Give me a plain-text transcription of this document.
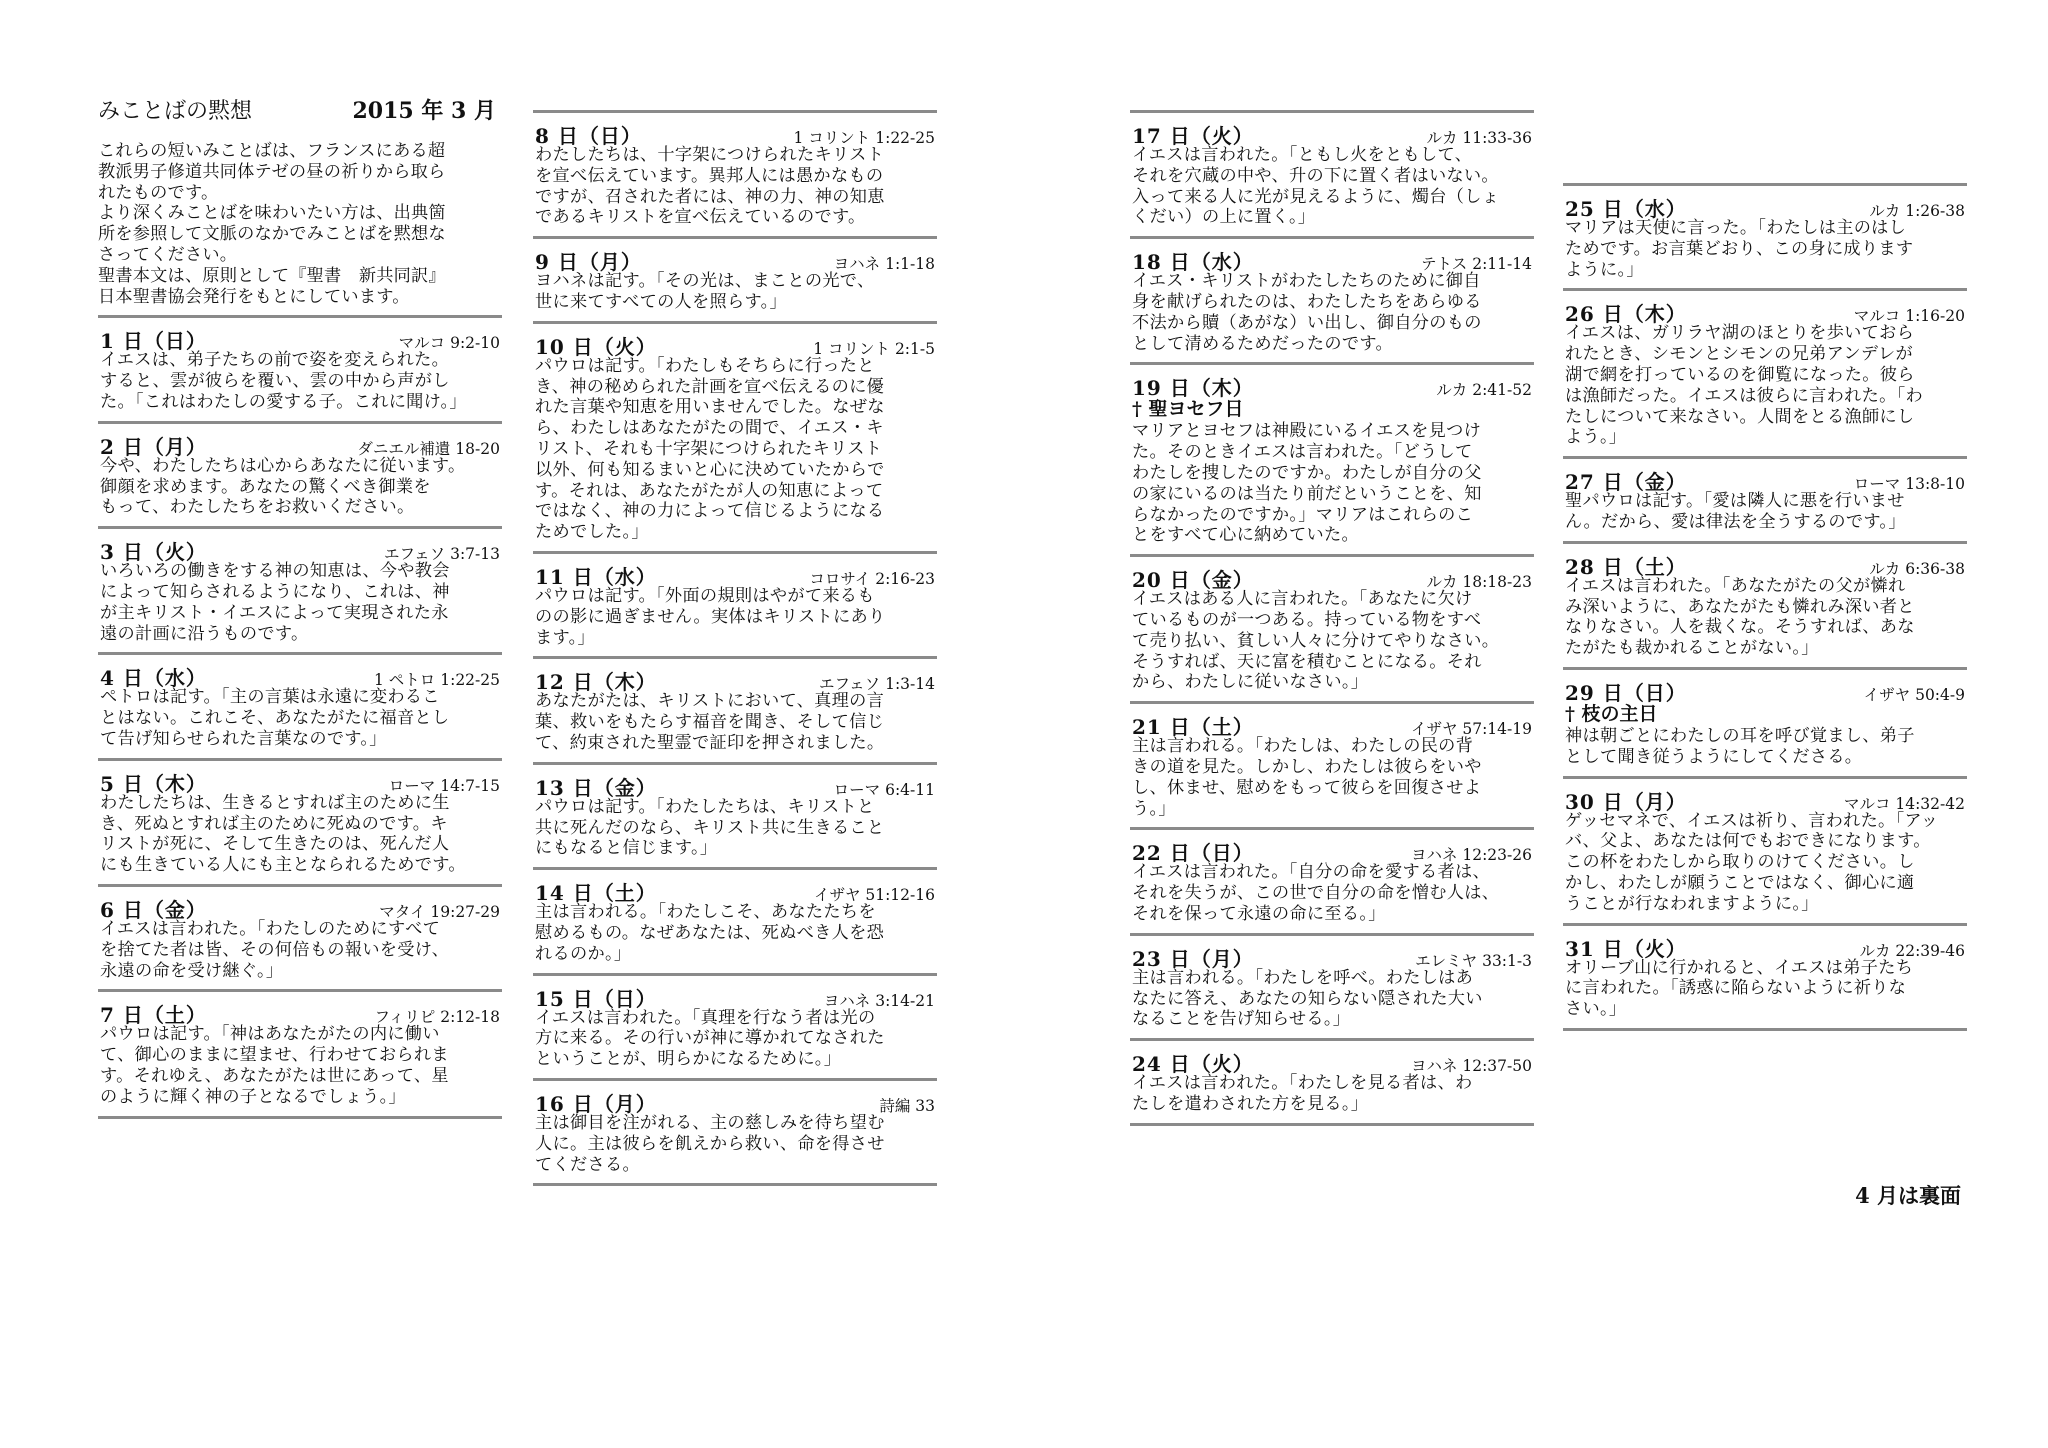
みことばの黙想	2015 年 3 月
これらの短いみことばは、フランスにある超
教派男子修道共同体テゼの昼の祈りから取ら
れたものです。
より深くみことばを味わいたい方は、出典箇
所を参照して文脈のなかでみことばを黙想な
さってください。
聖書本文は、原則として『聖書　新共同訳』
日本聖書協会発行をもとにしています。
1 日（日）	マルコ 9:2-10
イエスは、弟子たちの前で姿を変えられた。
すると、雲が彼らを覆い、雲の中から声がし
た。「これはわたしの愛する子。これに聞け。」
2 日（月）	ダニエル補遺 18-20
今や、わたしたちは心からあなたに従います。
御顔を求めます。あなたの驚くべき御業を
もって、わたしたちをお救いください。
3 日（火）	エフェソ 3:7-13
いろいろの働きをする神の知恵は、今や教会
によって知らされるようになり、これは、神
が主キリスト・イエスによって実現された永
遠の計画に沿うものです。
4 日（水）	1 ペトロ 1:22-25
ペトロは記す。「主の言葉は永遠に変わるこ
とはない。これこそ、あなたがたに福音とし
て告げ知らせられた言葉なのです。」
5 日（木）	ローマ 14:7-15
わたしたちは、生きるとすれば主のために生
き、死ぬとすれば主のために死ぬのです。キ
リストが死に、そして生きたのは、死んだ人
にも生きている人にも主となられるためです。
6 日（金）	マタイ 19:27-29
イエスは言われた。「わたしのためにすべて
を捨てた者は皆、その何倍もの報いを受け、
永遠の命を受け継ぐ。」
7 日（土）	フィリピ 2:12-18
パウロは記す。「神はあなたがたの内に働い
て、御心のままに望ませ、行わせておられま
す。それゆえ、あなたがたは世にあって、星
のように輝く神の子となるでしょう。」
8 日（日）	1 コリント 1:22-25
わたしたちは、十字架につけられたキリスト
を宣べ伝えています。異邦人には愚かなもの
ですが、召された者には、神の力、神の知恵
であるキリストを宣べ伝えているのです。
9 日（月）	ヨハネ 1:1-18
ヨハネは記す。「その光は、まことの光で、
世に来てすべての人を照らす。」
10 日（火）	1 コリント 2:1-5
パウロは記す。「わたしもそちらに行ったと
き、神の秘められた計画を宣べ伝えるのに優
れた言葉や知恵を用いませんでした。なぜな
ら、わたしはあなたがたの間で、イエス・キ
リスト、それも十字架につけられたキリスト
以外、何も知るまいと心に決めていたからで
す。それは、あなたがたが人の知恵によって
ではなく、神の力によって信じるようになる
ためでした。」
11 日（水）	コロサイ 2:16-23
パウロは記す。「外面の規則はやがて来るも
のの影に過ぎません。実体はキリストにあり
ます。」
12 日（木）	エフェソ 1:3-14
あなたがたは、キリストにおいて、真理の言
葉、救いをもたらす福音を聞き、そして信じ
て、約束された聖霊で証印を押されました。
13 日（金）	ローマ 6:4-11
パウロは記す。「わたしたちは、キリストと
共に死んだのなら、キリスト共に生きること
にもなると信じます。」
14 日（土）	イザヤ 51:12-16
主は言われる。「わたしこそ、あなたたちを
慰めるもの。なぜあなたは、死ぬべき人を恐
れるのか。」
15 日（日）	ヨハネ 3:14-21
イエスは言われた。「真理を行なう者は光の
方に来る。その行いが神に導かれてなされた
ということが、明らかになるために。」
16 日（月）	詩編 33
主は御目を注がれる、主の慈しみを待ち望む
人に。主は彼らを飢えから救い、命を得させ
てくださる。
17 日（火）	ルカ 11:33-36
イエスは言われた。「ともし火をともして、
それを穴蔵の中や、升の下に置く者はいない。
入って来る人に光が見えるように、燭台（しょ
くだい）の上に置く。」
18 日（水）	テトス 2:11-14
イエス・キリストがわたしたちのために御自
身を献げられたのは、わたしたちをあらゆる
不法から贖（あがな）い出し、御自分のもの
として清めるためだったのです。
19 日（木）	ルカ 2:41-52
† 聖ヨセフ日
マリアとヨセフは神殿にいるイエスを見つけ
た。そのときイエスは言われた。「どうして
わたしを捜したのですか。わたしが自分の父
の家にいるのは当たり前だということを、知
らなかったのですか。」マリアはこれらのこ
とをすべて心に納めていた。
20 日（金）	ルカ 18:18-23
イエスはある人に言われた。「あなたに欠け
ているものが一つある。持っている物をすべ
て売り払い、貧しい人々に分けてやりなさい。
そうすれば、天に富を積むことになる。それ
から、わたしに従いなさい。」
21 日（土）	イザヤ 57:14-19
主は言われる。「わたしは、わたしの民の背
きの道を見た。しかし、わたしは彼らをいや
し、休ませ、慰めをもって彼らを回復させよ
う。」
22 日（日）	ヨハネ 12:23-26
イエスは言われた。「自分の命を愛する者は、
それを失うが、この世で自分の命を憎む人は、
それを保って永遠の命に至る。」
23 日（月）	エレミヤ 33:1-3
主は言われる。「わたしを呼べ。わたしはあ
なたに答え、あなたの知らない隠された大い
なることを告げ知らせる。」
24 日（火）	ヨハネ 12:37-50
イエスは言われた。「わたしを見る者は、わ
たしを遣わされた方を見る。」
25 日（水）	ルカ 1:26-38
マリアは天使に言った。「わたしは主のはし
ためです。お言葉どおり、この身に成ります
ように。」
26 日（木）	マルコ 1:16-20
イエスは、ガリラヤ湖のほとりを歩いておら
れたとき、シモンとシモンの兄弟アンデレが
湖で網を打っているのを御覧になった。彼ら
は漁師だった。イエスは彼らに言われた。「わ
たしについて来なさい。人間をとる漁師にし
よう。」
27 日（金）	ローマ 13:8-10
聖パウロは記す。「愛は隣人に悪を行いませ
ん。だから、愛は律法を全うするのです。」
28 日（土）	ルカ 6:36-38
イエスは言われた。「あなたがたの父が憐れ
み深いように、あなたがたも憐れみ深い者と
なりなさい。人を裁くな。そうすれば、あな
たがたも裁かれることがない。」
29 日（日）	イザヤ 50:4-9
† 枝の主日
神は朝ごとにわたしの耳を呼び覚まし、弟子
として聞き従うようにしてくださる。
30 日（月）	マルコ 14:32-42
ゲッセマネで、イエスは祈り、言われた。「アッ
バ、父よ、あなたは何でもおできになります。
この杯をわたしから取りのけてください。し
かし、わたしが願うことではなく、御心に適
うことが行なわれますように。」
31 日（火）	ルカ 22:39-46
オリーブ山に行かれると、イエスは弟子たち
に言われた。「誘惑に陥らないように祈りな
さい。」
4 月は裏面
